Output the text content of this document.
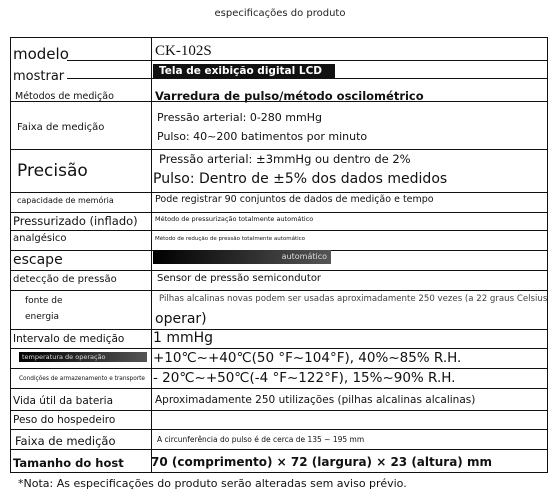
especificações do produto
modelo
mostrar
Métodos de medição
Faixa de medição
Precisão
capacidade de memória
Pressurizado (inflado)
analgésico
escape
detecção de pressão
fonte de
energia
Intervalo de medição
temperatura de operação
Condições de armazenamento e transporte
Vida útil da bateria
Peso do hospedeiro
Faixa de medição
Tamanho do host
CK-102S
Tela de exibição digital LCD
Varredura de pulso/método oscilométrico
Pressão arterial: 0-280 mmHg
Pulso: 40~200 batimentos por minuto
Pressão arterial: ±3mmHg ou dentro de 2%
Pulso: Dentro de ±5% dos dados medidos
Pode registrar 90 conjuntos de dados de medição e tempo
Método de pressurização totalmente automático
Método de redução de pressão totalmente automático
automático
Sensor de pressão semicondutor
Pilhas alcalinas novas podem ser usadas aproximadamente 250 vezes (a 22 graus Celsius
operar)
1 mmHg
+10℃~+40℃(50 °F~104°F), 40%~85% R.H.
- 20℃~+50℃(-4 °F~122°F), 15%~90% R.H.
Aproximadamente 250 utilizações (pilhas alcalinas alcalinas)
A circunferência do pulso é de cerca de 135 ~ 195 mm
70 (comprimento) × 72 (largura) × 23 (altura) mm
*Nota: As especificações do produto serão alteradas sem aviso prévio.
